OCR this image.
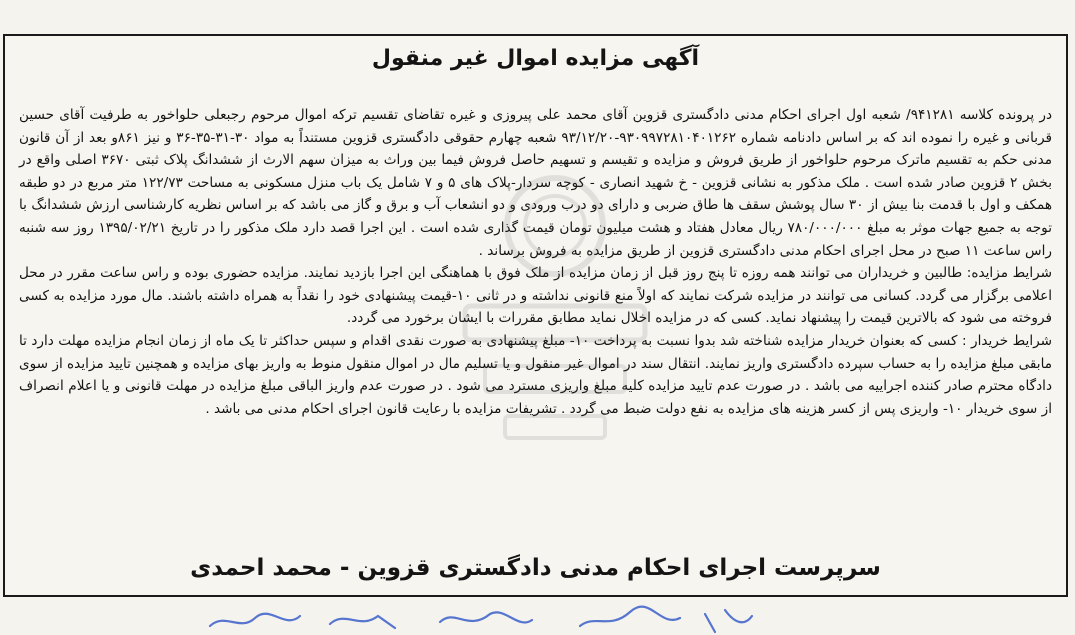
آگهی مزایده اموال غیر منقول

در پرونده کلاسه ۹۴۱۲۸۱/ شعبه اول اجرای احکام مدنی دادگستری قزوین آقای محمد علی پیروزی و غیره تقاضای تقسیم ترکه اموال مرحوم رجبعلی حلواخور به طرفیت آقای حسین قربانی و غیره را نموده اند که بر اساس دادنامه شماره ۹۳۰۹۹۷۲۸۱۰۴۰۱۲۶۲-۹۳/۱۲/۲۰ شعبه چهارم حقوقی دادگستری قزوین مستنداً به مواد ۳۰-۳۱-۳۵-۳۶ و نیز ۸۶۱و بعد از آن قانون مدنی حکم به تقسیم ماترک مرحوم حلواخور از طریق فروش و مزایده و تقیسم و تسهیم حاصل فروش فیما بین وراث به میزان سهم الارث از ششدانگ پلاک ثبتی ۳۶۷۰ اصلی واقع در بخش ۲ قزوین صادر شده است . ملک مذکور به نشانی قزوین - خ شهید انصاری - کوچه سردار-پلاک های ۵ و ۷ شامل یک باب منزل مسکونی به مساحت ۱۲۲/۷۳ متر مربع در دو طبقه همکف و اول با قدمت بنا بیش از ۳۰ سال پوشش سقف ها طاق ضربی و دارای دو درب ورودی و دو انشعاب آب و برق و گاز می باشد که بر اساس نظریه کارشناسی ارزش ششدانگ با توجه به جمیع جهات موثر به مبلغ ۷۸۰/۰۰۰/۰۰۰ ریال معادل هفتاد و هشت میلیون تومان قیمت گذاری شده است . این اجرا قصد دارد ملک مذکور را در تاریخ ۱۳۹۵/۰۲/۲۱ روز سه شنبه راس ساعت ۱۱ صبح در محل اجرای احکام مدنی دادگستری قزوین از طریق مزایده به فروش برساند .

شرایط مزایده: طالبین و خریداران می توانند همه روزه تا پنج روز قبل از زمان مزایده از ملک فوق با هماهنگی این اجرا بازدید نمایند. مزایده حضوری بوده و راس ساعت مقرر در محل اعلامی برگزار می گردد. کسانی می توانند در مزایده شرکت نمایند که اولاً منع قانونی نداشته و در ثانی ۱۰-قیمت پیشنهادی خود را نقداً به همراه داشته باشند. مال مورد مزایده به کسی فروخته می شود که بالاترین قیمت را پیشنهاد نماید. کسی که در مزایده اخلال نماید مطابق مقررات با ایشان برخورد می گردد.

شرایط خریدار : کسی که بعنوان خریدار مزایده شناخته شد بدوا نسبت به پرداخت ۱۰- مبلغ پیشنهادی به صورت نقدی اقدام و سپس حداکثر تا یک ماه از زمان انجام مزایده مهلت دارد تا مابقی مبلغ مزایده را به حساب سپرده دادگستری واریز نمایند. انتقال سند در اموال غیر منقول و یا تسلیم مال در اموال منقول منوط به واریز بهای مزایده و همچنین تایید مزایده از سوی دادگاه محترم صادر کننده اجراییه می باشد . در صورت عدم تایید مزایده کلیه مبلغ واریزی مسترد می شود . در صورت عدم واریز الباقی مبلغ مزایده در مهلت قانونی و یا اعلام انصراف از سوی خریدار ۱۰- واریزی پس از کسر هزینه های مزایده به نفع دولت ضبط می گردد . تشریفات مزایده با رعایت قانون اجرای احکام مدنی می باشد .

سرپرست اجرای احکام مدنی دادگستری قزوین - محمد احمدی
